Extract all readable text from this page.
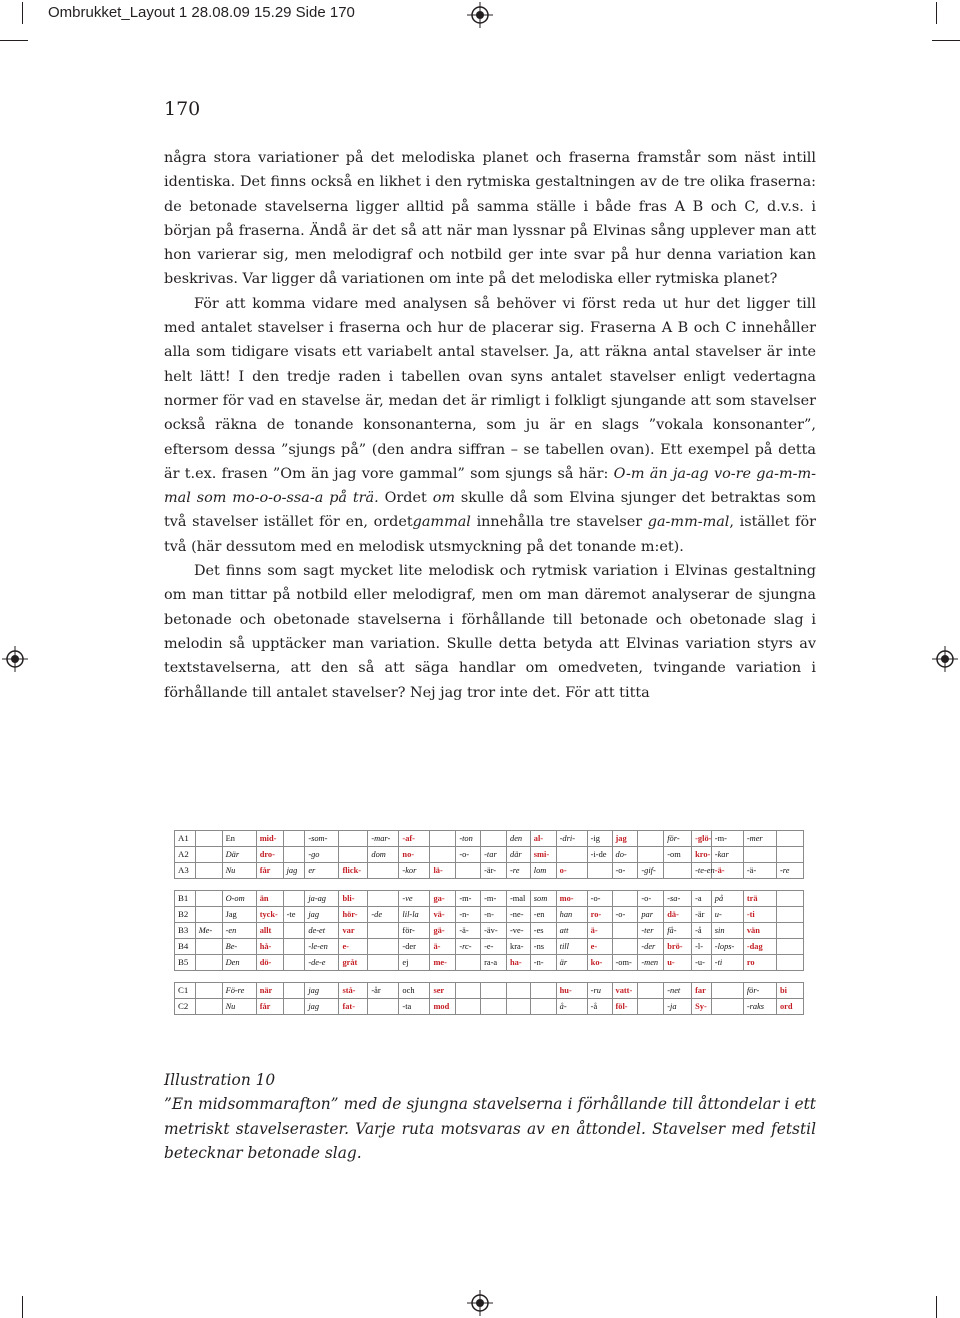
Ombrukket_Layout 1 28.08.09 15.29 Side 170
170

några stora variationer på det melodiska planet och fraserna framstår som näst intill identiska. Det finns också en likhet i den rytmiska gestaltningen av de tre olika fraserna: de betonade stavelserna ligger alltid på samma ställe i både fras A B och C, d.v.s. i början på fraserna. Ändå är det så att när man lyssnar på Elvinas sång upplever man att hon varierar sig, men melodigraf och notbild ger inte svar på hur denna variation kan beskrivas. Var ligger då variationen om inte på det melodiska eller rytmiska planet?

För att komma vidare med analysen så behöver vi först reda ut hur det ligger till med antalet stavelser i fraserna och hur de placerar sig. Fraserna A B och C innehåller alla som tidigare visats ett variabelt antal stavelser. Ja, att räkna antal stavelser är inte helt lätt! I den tredje raden i tabellen ovan syns antalet stavelser enligt vedertagna normer för vad en stavelse är, medan det är rimligt i folkligt sjungande att som stavelser också räkna de tonande konsonanterna, som ju är en slags ”vokala konsonanter”, eftersom dessa ”sjungs på” (den andra siffran – se tabellen ovan). Ett exempel på detta är t.ex. frasen ”Om än jag vore gammal” som sjungs så här: O-m än ja-ag vo-re ga-m-m-mal som mo-o-o-ssa-a på trä. Ordet om skulle då som Elvina sjunger det betraktas som två stavelser istället för en, ordetgammal innehålla tre stavelser ga-mm-mal, istället för två (här dessutom med en melodisk utsmyckning på det tonande m:et).

Det finns som sagt mycket lite melodisk och rytmisk variation i Elvinas gestaltning om man tittar på notbild eller melodigraf, men om man däremot analyserar de sjungna betonade och obetonade stavelserna i förhållande till betonade och obetonade slag i melodin så upptäcker man variation. Skulle detta betyda att Elvinas variation styrs av textstavelserna, att den så att säga handlar om omedveten, tvingande variation i förhållande till antalet stavelser? Nej jag tror inte det. För att titta

A1		En	mid-		-som-		-mar-	-af-		-ton		den	al-	-dri-	-ig	jag		för-	-glö-	-m-	-mer	
A2		Där	dro-		-go		dom	no-		-o-	-tar	där	smi-		-i-de	do-		-om	kro-	-kar		
A3		Nu	får	jag	er	flick-		-kor	lä-		-är-	-re	lom	o-		-o-	-gif-		-te-en	-ä-	-ä-	-re

B1		O-om	än		ja-ag	bli-		-ve	ga-	-m-	-m-	-mal	som	mo-	-o-		-o-	-sa-	-a	på	trä	
B2		Jag	tyck-	-te	jag	hör-	-de	lil-la	vä-	-n-	-n-	-ne-	-en	han	ro-	-o-	par	dä-	-är	u-	-ti	
B3	Me-	-en	allt		de-et	var		för-	gä-	-ä-	-äv-	-ve-	-es	att	ä-		-ter	få-	-å	sin	vän	
B4		Be-	hå-		-le-en	e-		-der	ä-	-rc-	-e-	kra-	-ns	till	e-		-der	brö-	-l-	-lops-	-dag	
B5		Den	dö-		-de-e	gråt		ej	me-		ra-a	ha-	-n-	är	ko-	-om-	-men	u-	-u-	-ti	ro	

C1		Fö-re	när		jag	stå-	-år	och	ser					hu-	-ru	vatt-		-net	far		för-	bi
C2		Nu	får		jag	fat-		-ta	mod					å-	-å	föl-		-ja	Sy-		-raks	ord

Illustration 10

”En midsommarafton” med de sjungna stavelserna i förhållande till åttondelar i ett metriskt stavelseraster. Varje ruta motsvaras av en åttondel. Stavelser med fetstil betecknar betonade slag.
